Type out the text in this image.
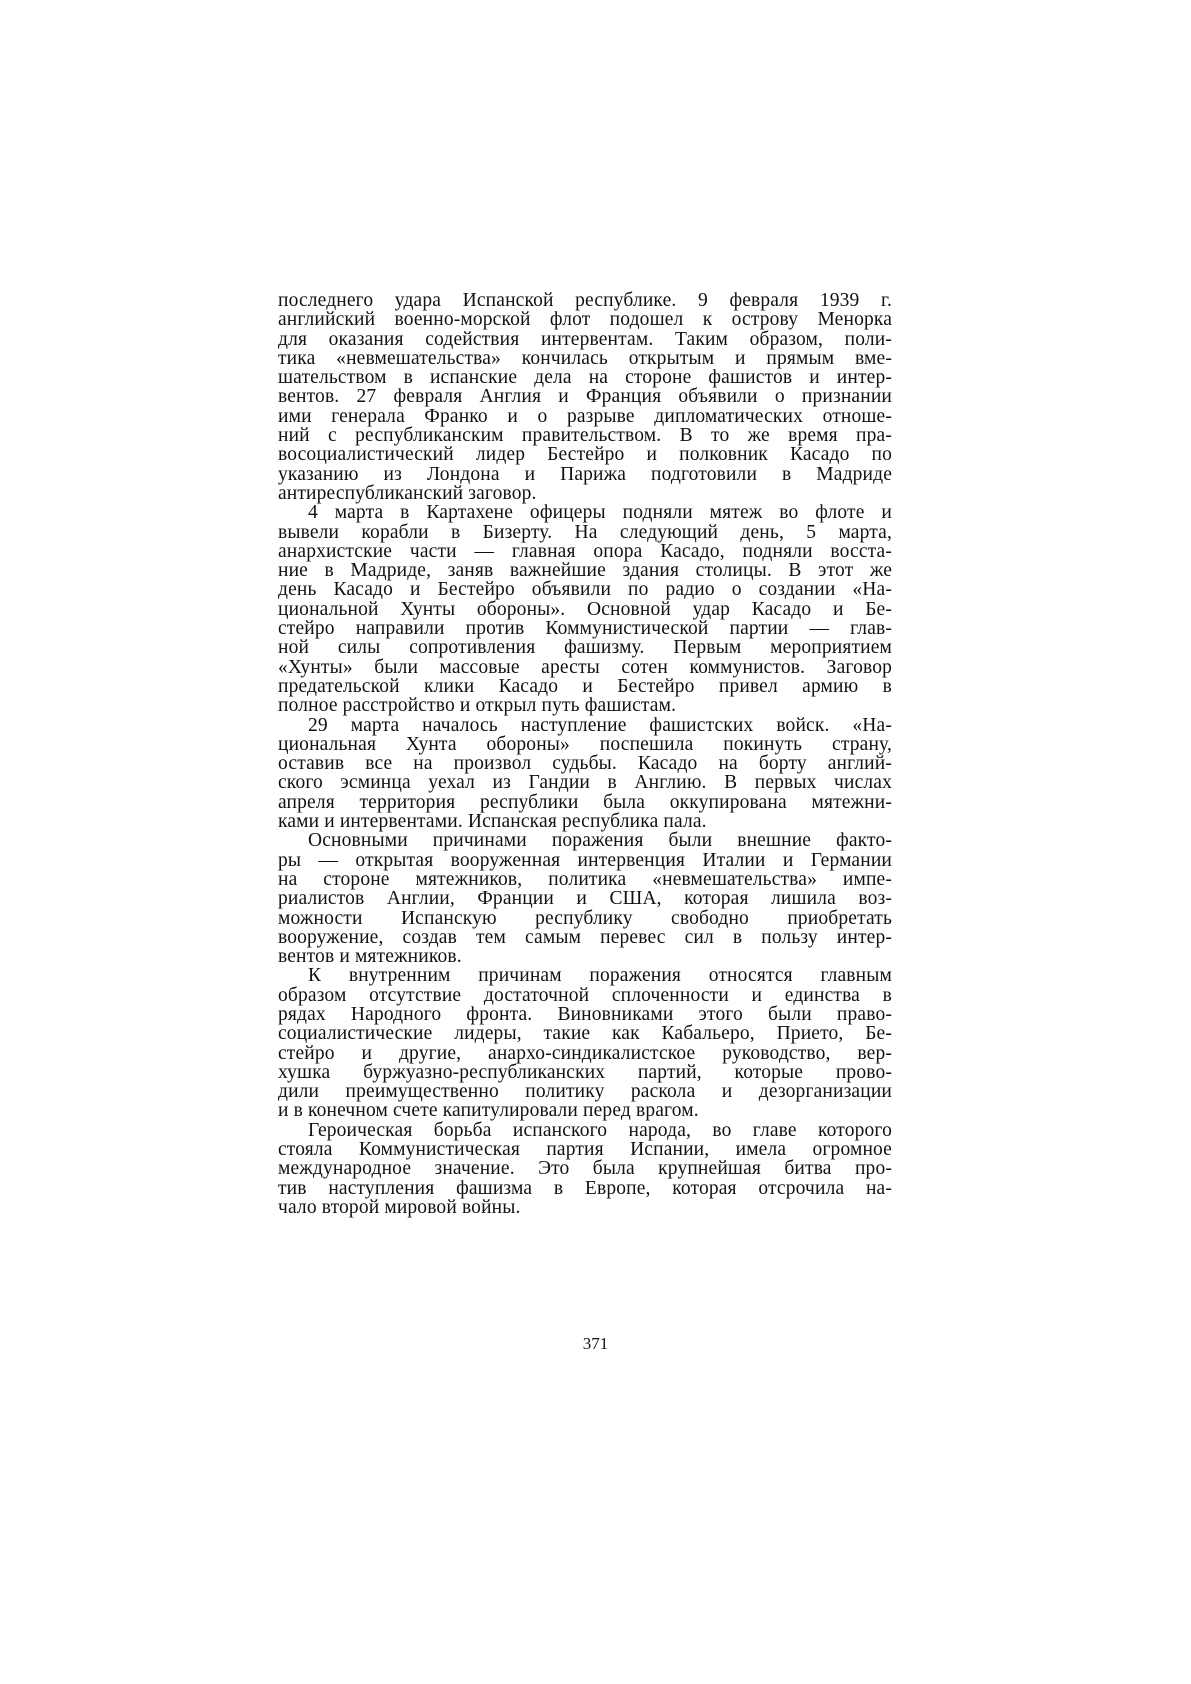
последнего удара Испанской республике. 9 февраля 1939 г.
английский военно-морской флот подошел к острову Менорка
для оказания содействия интервентам. Таким образом, поли-
тика «невмешательства» кончилась открытым и прямым вме-
шательством в испанские дела на стороне фашистов и интер-
вентов. 27 февраля Англия и Франция объявили о признании
ими генерала Франко и о разрыве дипломатических отноше-
ний с республиканским правительством. В то же время пра-
восоциалистический лидер Бестейро и полковник Касадо по
указанию из Лондона и Парижа подготовили в Мадриде
антиреспубликанский заговор.
4 марта в Картахене офицеры подняли мятеж во флоте и
вывели корабли в Бизерту. На следующий день, 5 марта,
анархистские части — главная опора Касадо, подняли восста-
ние в Мадриде, заняв важнейшие здания столицы. В этот же
день Касадо и Бестейро объявили по радио о создании «На-
циональной Хунты обороны». Основной удар Касадо и Бе-
стейро направили против Коммунистической партии — глав-
ной силы сопротивления фашизму. Первым мероприятием
«Хунты» были массовые аресты сотен коммунистов. Заговор
предательской клики Касадо и Бестейро привел армию в
полное расстройство и открыл путь фашистам.
29 марта началось наступление фашистских войск. «На-
циональная Хунта обороны» поспешила покинуть страну,
оставив все на произвол судьбы. Касадо на борту англий-
ского эсминца уехал из Гандии в Англию. В первых числах
апреля территория республики была оккупирована мятежни-
ками и интервентами. Испанская республика пала.
Основными причинами поражения были внешние факто-
ры — открытая вооруженная интервенция Италии и Германии
на стороне мятежников, политика «невмешательства» импе-
риалистов Англии, Франции и США, которая лишила воз-
можности Испанскую республику свободно приобретать
вооружение, создав тем самым перевес сил в пользу интер-
вентов и мятежников.
К внутренним причинам поражения относятся главным
образом отсутствие достаточной сплоченности и единства в
рядах Народного фронта. Виновниками этого были право-
социалистические лидеры, такие как Кабальеро, Прието, Бе-
стейро и другие, анархо-синдикалистское руководство, вер-
хушка буржуазно-республиканских партий, которые прово-
дили преимущественно политику раскола и дезорганизации
и в конечном счете капитулировали перед врагом.
Героическая борьба испанского народа, во главе которого
стояла Коммунистическая партия Испании, имела огромное
международное значение. Это была крупнейшая битва про-
тив наступления фашизма в Европе, которая отсрочила на-
чало второй мировой войны.
371
